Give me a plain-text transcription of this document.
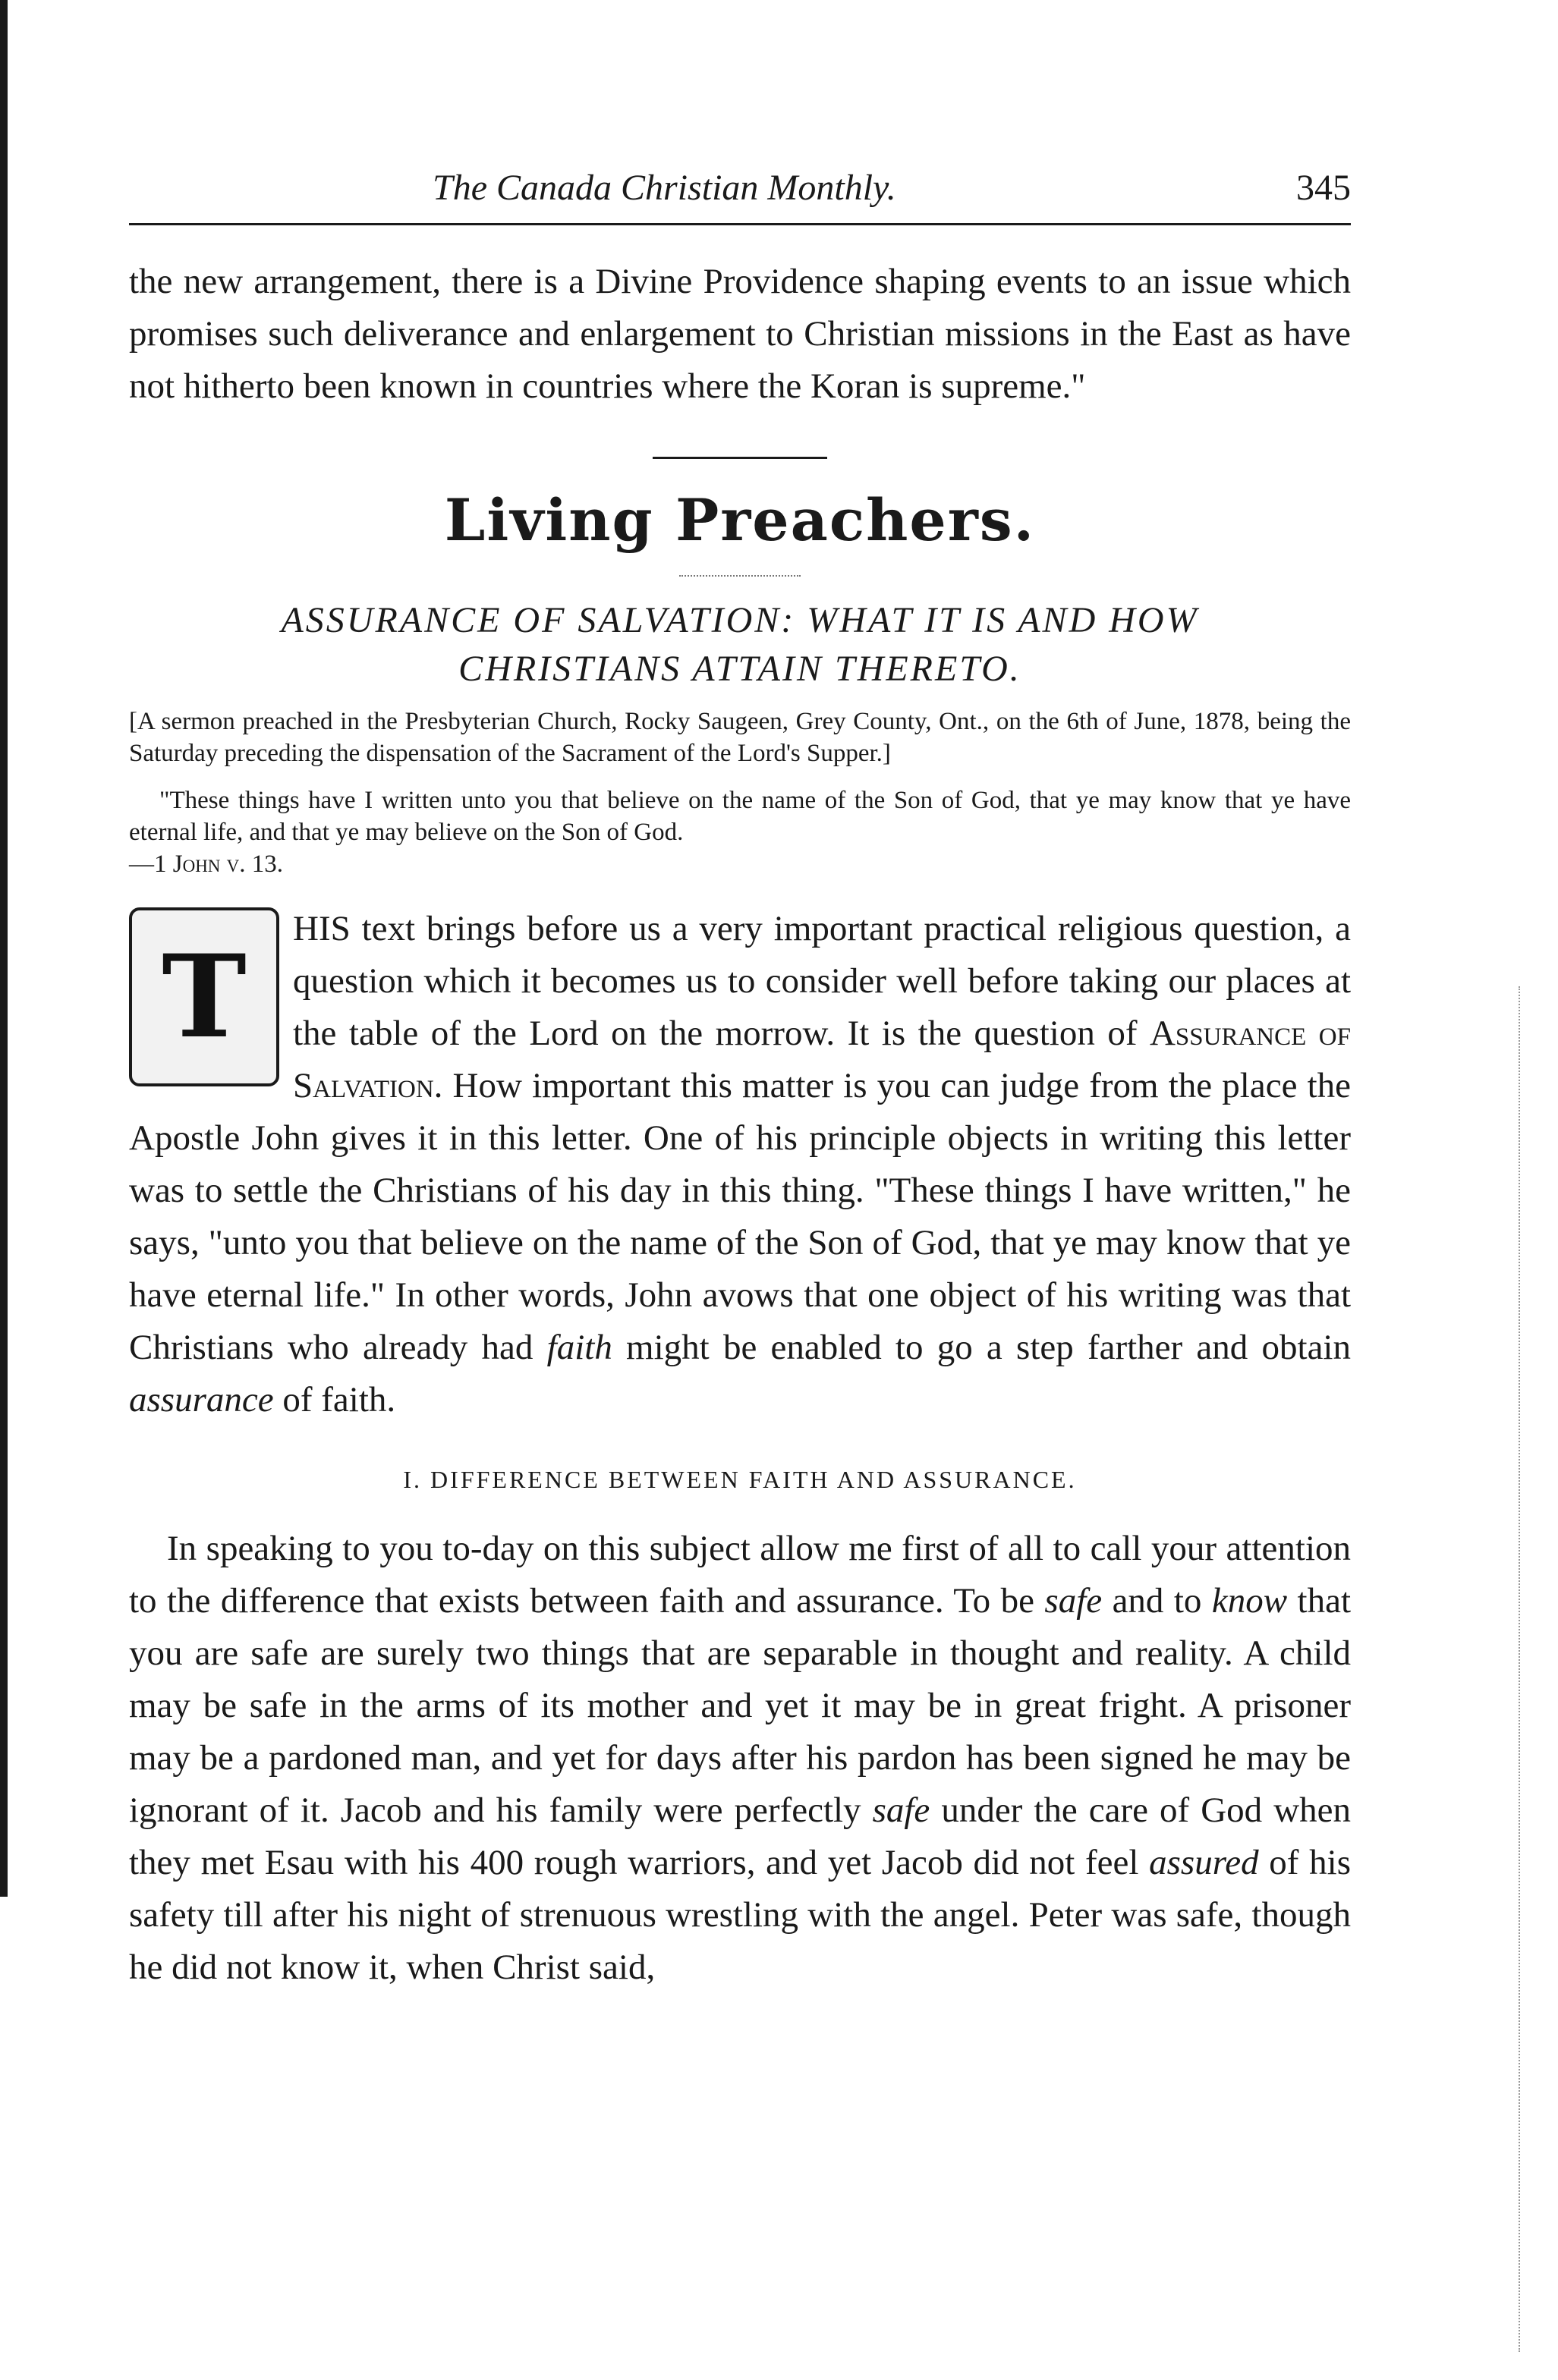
The Canada Christian Monthly.	345

the new arrangement, there is a Divine Providence shaping events to an issue which promises such deliverance and enlargement to Christian missions in the East as have not hitherto been known in countries where the Koran is supreme."

Living Preachers.
ASSURANCE OF SALVATION: WHAT IT IS AND HOW
CHRISTIANS ATTAIN THERETO.

[A sermon preached in the Presbyterian Church, Rocky Saugeen, Grey County, Ont., on the 6th of June, 1878, being the Saturday preceding the dispensation of the Sacrament of the Lord's Supper.]

"These things have I written unto you that believe on the name of the Son of God, that ye may know that ye have eternal life, and that ye may believe on the Son of God.
—1 John v. 13.

T
HIS text brings before us a very important practical religious question, a question which it becomes us to consider well before taking our places at the table of the Lord on the morrow. It is the question of Assurance of Salvation. How important this matter is you can judge from the place the Apostle John gives it in this letter. One of his principle objects in writing this letter was to settle the Christians of his day in this thing. "These things I have written," he says, "unto you that believe on the name of the Son of God, that ye may know that ye have eternal life." In other words, John avows that one object of his writing was that Christians who already had faith might be enabled to go a step farther and obtain assurance of faith.

I. DIFFERENCE BETWEEN FAITH AND ASSURANCE.

In speaking to you to-day on this subject allow me first of all to call your attention to the difference that exists between faith and assurance. To be safe and to know that you are safe are surely two things that are separable in thought and reality. A child may be safe in the arms of its mother and yet it may be in great fright. A prisoner may be a pardoned man, and yet for days after his pardon has been signed he may be ignorant of it. Jacob and his family were perfectly safe under the care of God when they met Esau with his 400 rough warriors, and yet Jacob did not feel assured of his safety till after his night of strenuous wrestling with the angel. Peter was safe, though he did not know it, when Christ said,
